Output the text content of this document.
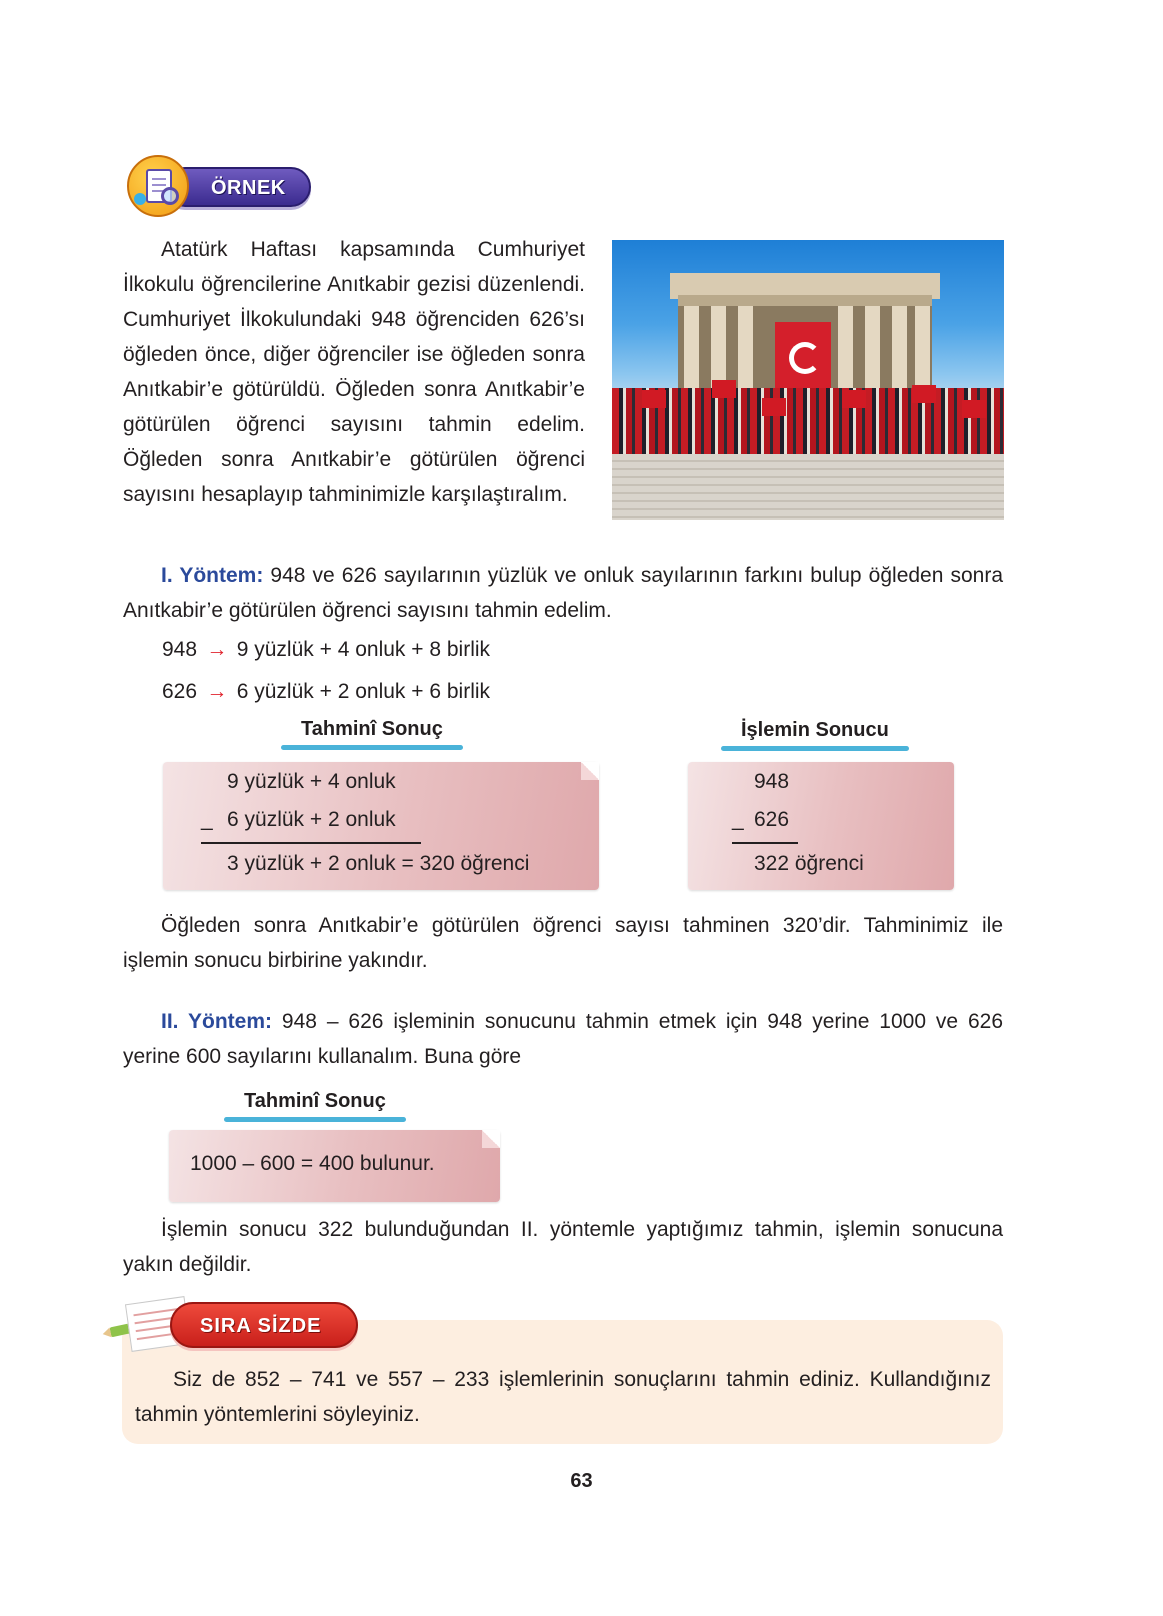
ÖRNEK
Atatürk Haftası kapsamında Cumhuriyet İlkokulu öğrencilerine Anıtkabir gezisi düzenlendi. Cumhuriyet İlkokulundaki 948 öğrenciden 626’sı öğleden önce, diğer öğrenciler ise öğleden sonra Anıtkabir’e götürüldü. Öğleden sonra Anıtkabir’e götürülen öğrenci sayısını tahmin edelim. Öğleden sonra Anıtkabir’e götürülen öğrenci sayısını hesaplayıp tahminimizle karşılaştıralım.
I. Yöntem: 948 ve 626 sayılarının yüzlük ve onluk sayılarının farkını bulup öğleden sonra Anıtkabir’e götürülen öğrenci sayısını tahmin edelim.
948 → 9 yüzlük + 4 onluk + 8 birlik
626 → 6 yüzlük + 2 onluk + 6 birlik
Tahminî Sonuç	İşlemin Sonucu
9 yüzlük + 4 onluk
_ 6 yüzlük + 2 onluk
3 yüzlük + 2 onluk = 320 öğrenci
948
_ 626
322 öğrenci
Öğleden sonra Anıtkabir’e götürülen öğrenci sayısı tahminen 320’dir. Tahminimiz ile işlemin sonucu birbirine yakındır.
II. Yöntem: 948 – 626 işleminin sonucunu tahmin etmek için 948 yerine 1000 ve 626 yerine 600 sayılarını kullanalım. Buna göre
Tahminî Sonuç
1000 – 600 = 400 bulunur.
İşlemin sonucu 322 bulunduğundan II. yöntemle yaptığımız tahmin, işlemin sonucuna yakın değildir.
SIRA SİZDE
Siz de 852 – 741 ve 557 – 233 işlemlerinin sonuçlarını tahmin ediniz. Kullandığınız tahmin yöntemlerini söyleyiniz.
63
